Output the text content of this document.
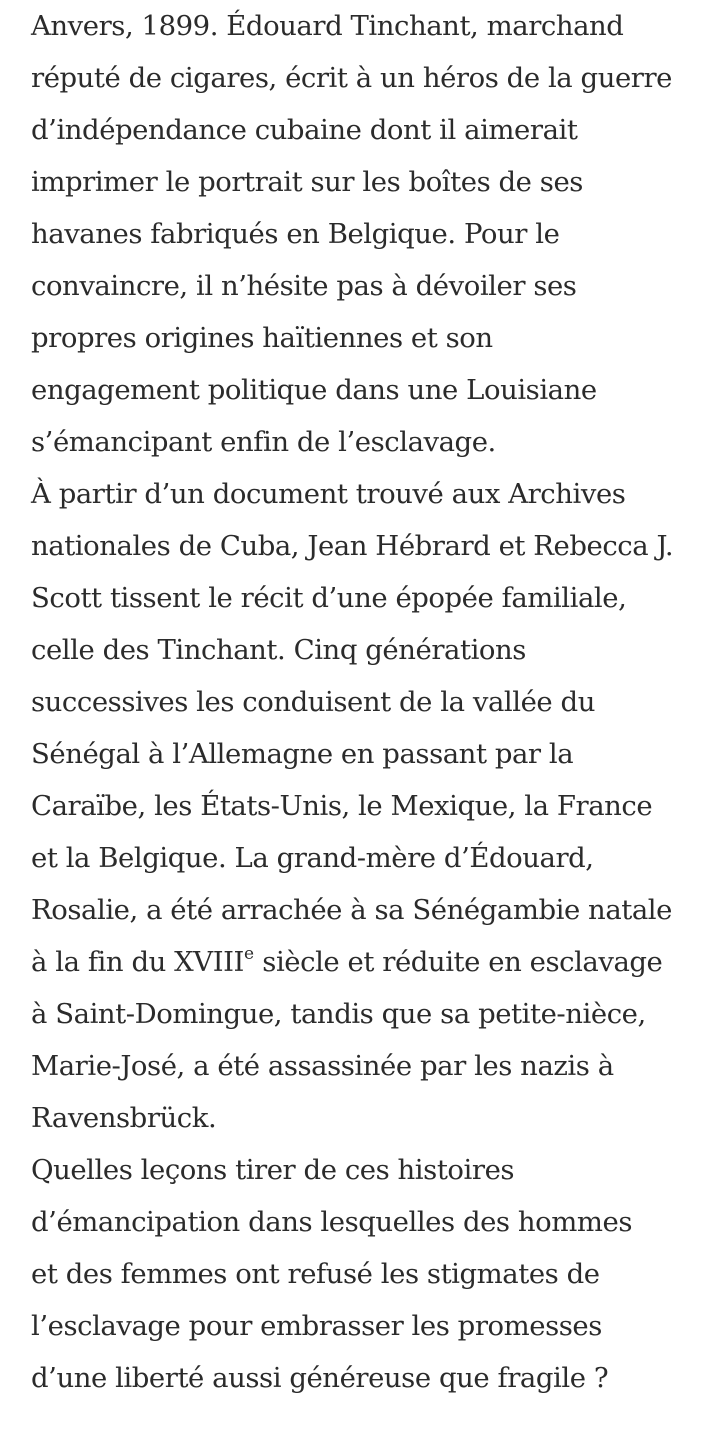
Anvers, 1899. Édouard Tinchant, marchand
réputé de cigares, écrit à un héros de la guerre
d’indépendance cubaine dont il aimerait
imprimer le portrait sur les boîtes de ses
havanes fabriqués en Belgique. Pour le
convaincre, il n’hésite pas à dévoiler ses
propres origines haïtiennes et son
engagement politique dans une Louisiane
s’émancipant enfin de l’esclavage.
À partir d’un document trouvé aux Archives
nationales de Cuba, Jean Hébrard et Rebecca J.
Scott tissent le récit d’une épopée familiale,
celle des Tinchant. Cinq générations
successives les conduisent de la vallée du
Sénégal à l’Allemagne en passant par la
Caraïbe, les États-Unis, le Mexique, la France
et la Belgique. La grand-mère d’Édouard,
Rosalie, a été arrachée à sa Sénégambie natale
à la fin du XVIIIe siècle et réduite en esclavage
à Saint-Domingue, tandis que sa petite-nièce,
Marie-José, a été assassinée par les nazis à
Ravensbrück.
Quelles leçons tirer de ces histoires
d’émancipation dans lesquelles des hommes
et des femmes ont refusé les stigmates de
l’esclavage pour embrasser les promesses
d’une liberté aussi généreuse que fragile ?
